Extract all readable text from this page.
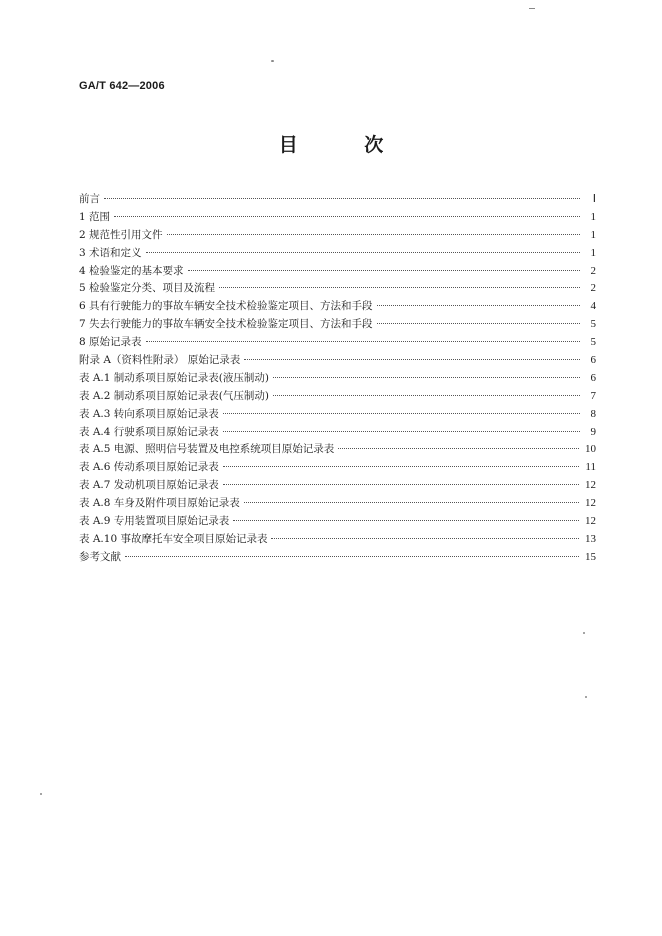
GA/T 642—2006
目 次
前言	Ⅰ
1 范围	1
2 规范性引用文件	1
3 术语和定义	1
4 检验鉴定的基本要求	2
5 检验鉴定分类、项目及流程	2
6 具有行驶能力的事故车辆安全技术检验鉴定项目、方法和手段	4
7 失去行驶能力的事故车辆安全技术检验鉴定项目、方法和手段	5
8 原始记录表	5
附录 A（资料性附录） 原始记录表	6
表 A.1 制动系项目原始记录表(液压制动)	6
表 A.2 制动系项目原始记录表(气压制动)	7
表 A.3 转向系项目原始记录表	8
表 A.4 行驶系项目原始记录表	9
表 A.5 电源、照明信号装置及电控系统项目原始记录表	10
表 A.6 传动系项目原始记录表	11
表 A.7 发动机项目原始记录表	12
表 A.8 车身及附件项目原始记录表	12
表 A.9 专用装置项目原始记录表	12
表 A.10 事故摩托车安全项目原始记录表	13
参考文献	15
